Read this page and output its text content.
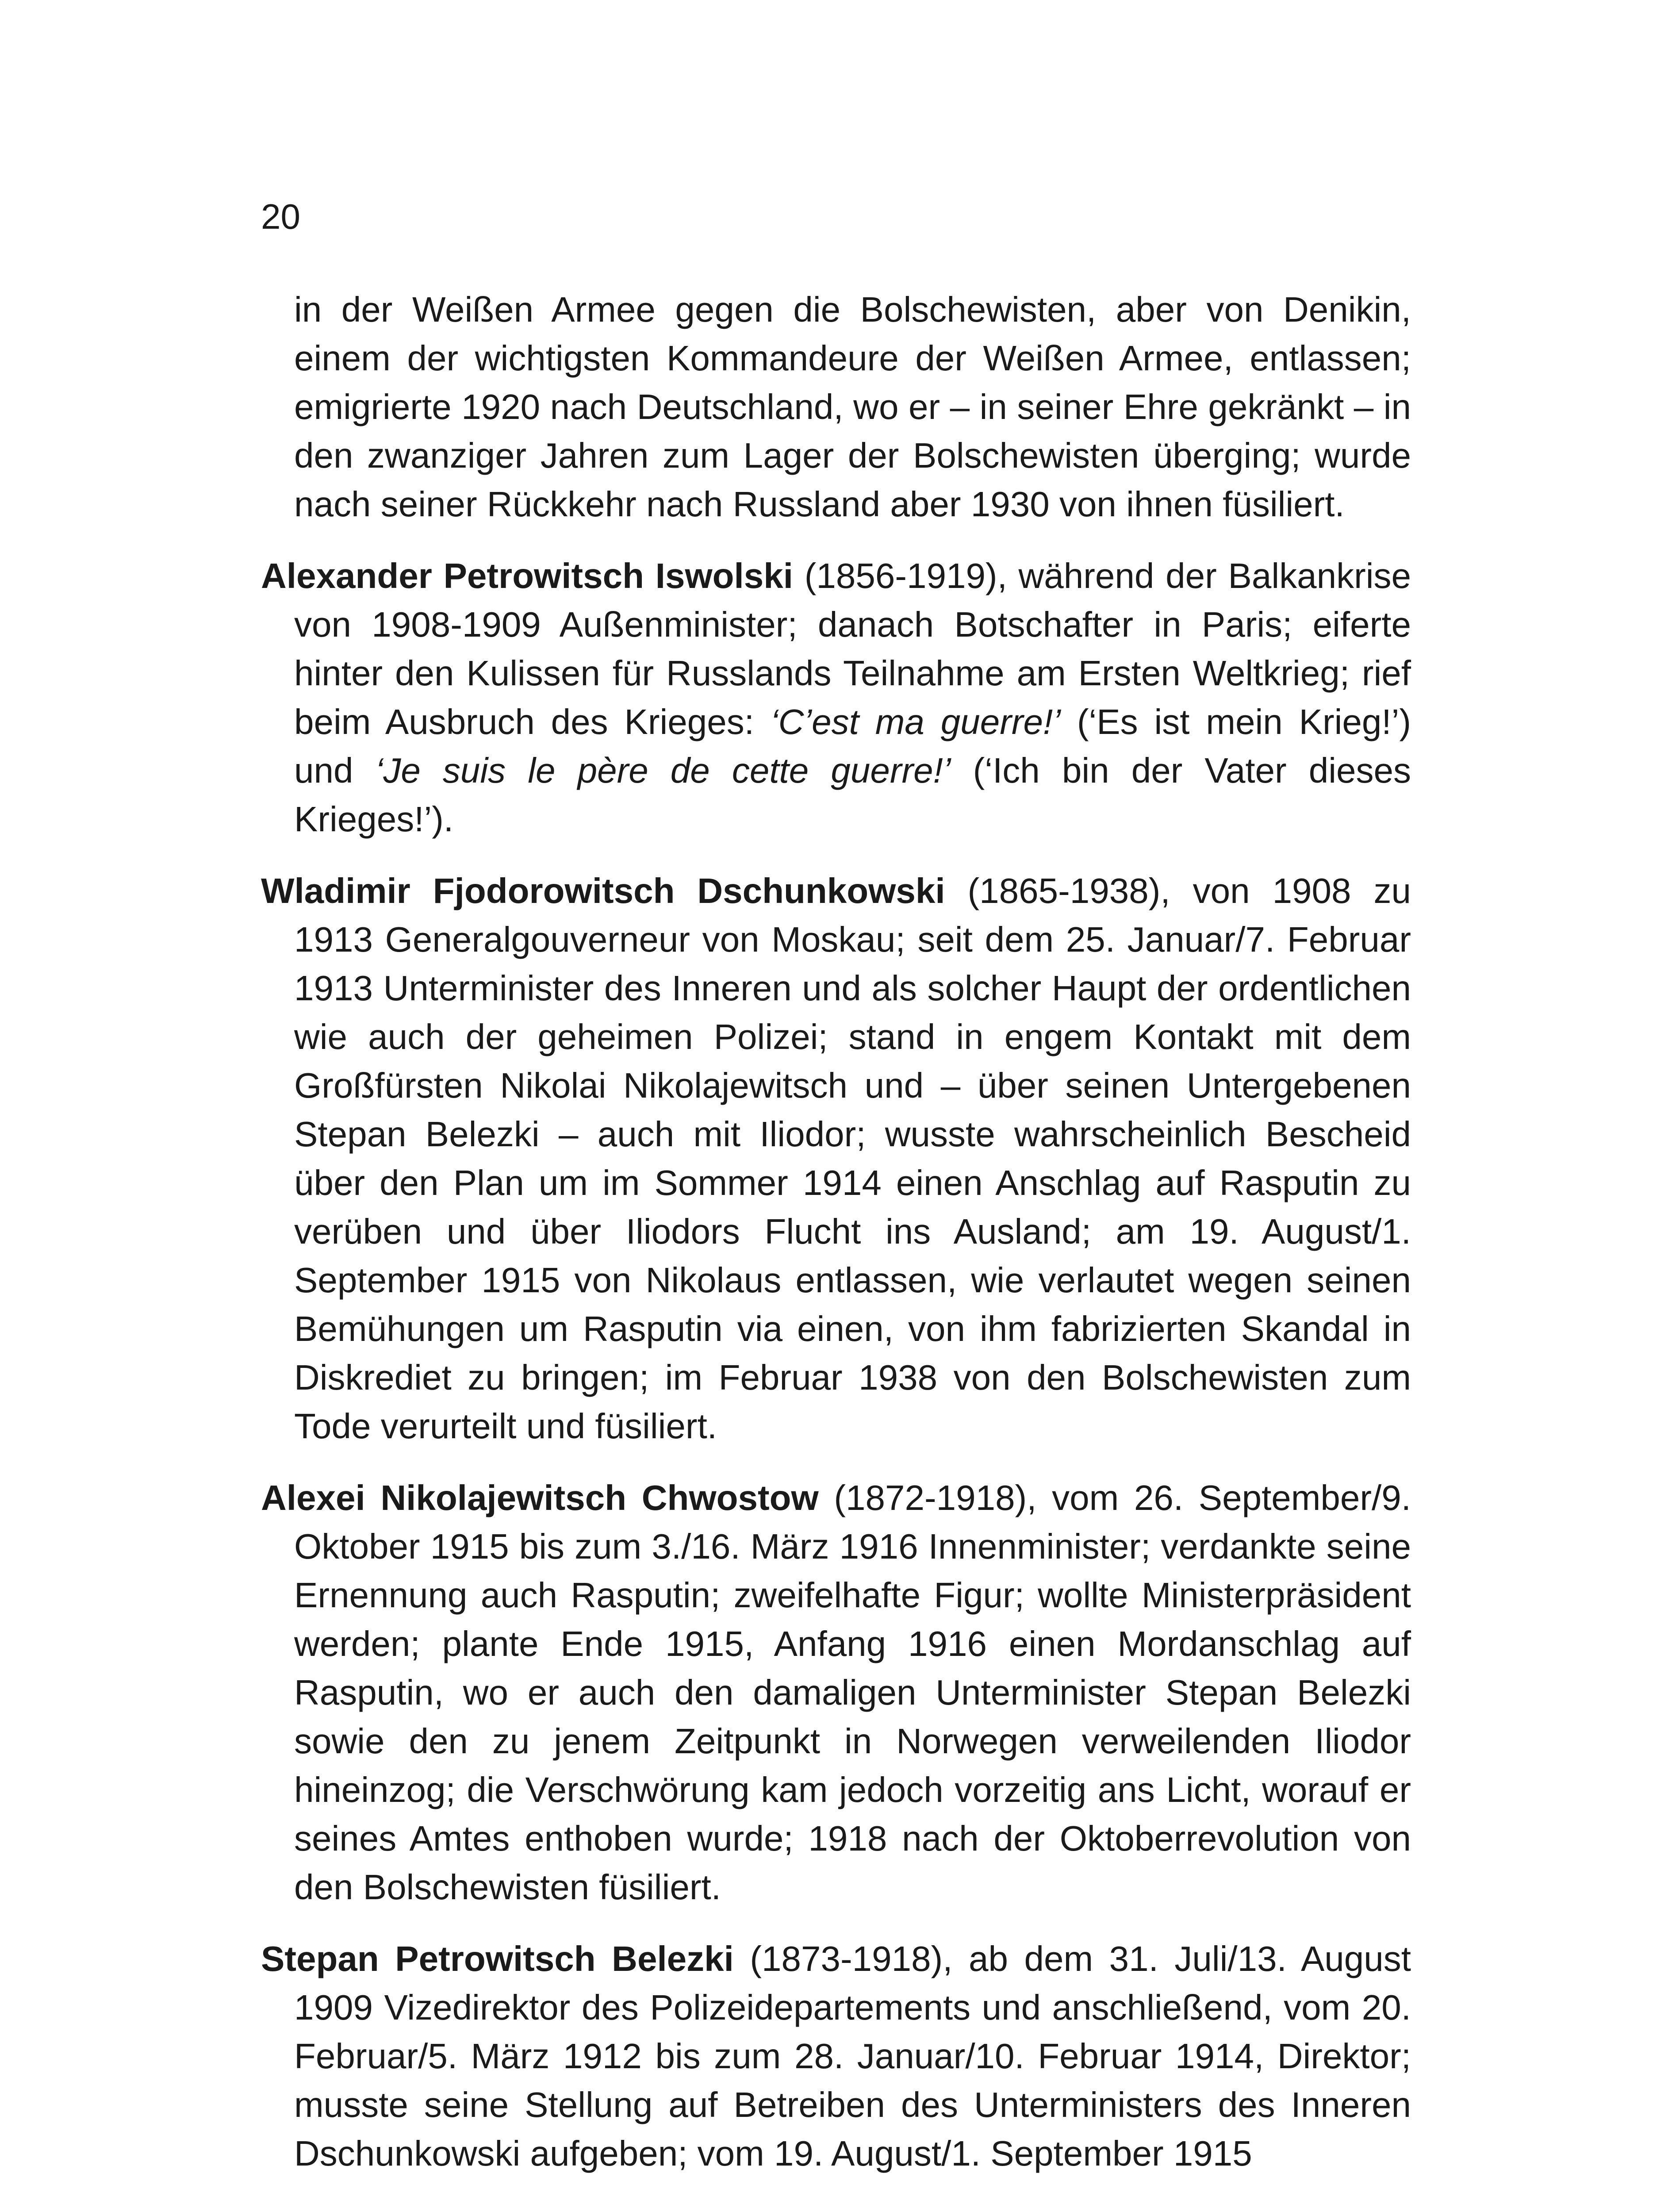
20

in der Weißen Armee gegen die Bolschewisten, aber von Denikin, einem der wichtigsten Kommandeure der Weißen Armee, entlassen; emigrierte 1920 nach Deutschland, wo er – in seiner Ehre gekränkt – in den zwanziger Jahren zum Lager der Bolschewisten überging; wurde nach seiner Rückkehr nach Russland aber 1930 von ihnen füsiliert.

Alexander Petrowitsch Iswolski (1856-1919), während der Balkankrise von 1908-1909 Außenminister; danach Botschafter in Paris; eiferte hinter den Kulissen für Russlands Teilnahme am Ersten Weltkrieg; rief beim Ausbruch des Krieges: ‘C’est ma guerre!’ (‘Es ist mein Krieg!’) und ‘Je suis le père de cette guerre!’ (‘Ich bin der Vater dieses Krieges!’).

Wladimir Fjodorowitsch Dschunkowski (1865-1938), von 1908 zu 1913 Generalgouverneur von Moskau; seit dem 25. Januar/7. Februar 1913 Unterminister des Inneren und als solcher Haupt der ordentlichen wie auch der geheimen Polizei; stand in engem Kontakt mit dem Großfürsten Nikolai Nikolajewitsch und – über seinen Untergebenen Stepan Belezki – auch mit Iliodor; wusste wahrscheinlich Bescheid über den Plan um im Sommer 1914 einen Anschlag auf Rasputin zu verüben und über Iliodors Flucht ins Ausland; am 19. August/1. September 1915 von Nikolaus entlassen, wie verlautet wegen seinen Bemühungen um Rasputin via einen, von ihm fabrizierten Skandal in Diskrediet zu bringen; im Februar 1938 von den Bolschewisten zum Tode verurteilt und füsiliert.

Alexei Nikolajewitsch Chwostow (1872-1918), vom 26. September/9. Oktober 1915 bis zum 3./16. März 1916 Innenminister; verdankte seine Ernennung auch Rasputin; zweifelhafte Figur; wollte Ministerpräsident werden; plante Ende 1915, Anfang 1916 einen Mordanschlag auf Rasputin, wo er auch den damaligen Unterminister Stepan Belezki sowie den zu jenem Zeitpunkt in Norwegen verweilenden Iliodor hineinzog; die Verschwörung kam jedoch vorzeitig ans Licht, worauf er seines Amtes enthoben wurde; 1918 nach der Oktoberrevolution von den Bolschewisten füsiliert.

Stepan Petrowitsch Belezki (1873-1918), ab dem 31. Juli/13. August 1909 Vizedirektor des Polizeidepartements und anschließend, vom 20. Februar/5. März 1912 bis zum 28. Januar/10. Februar 1914, Direktor; musste seine Stellung auf Betreiben des Unterministers des Inneren Dschunkowski aufgeben; vom 19. August/1. September 1915
